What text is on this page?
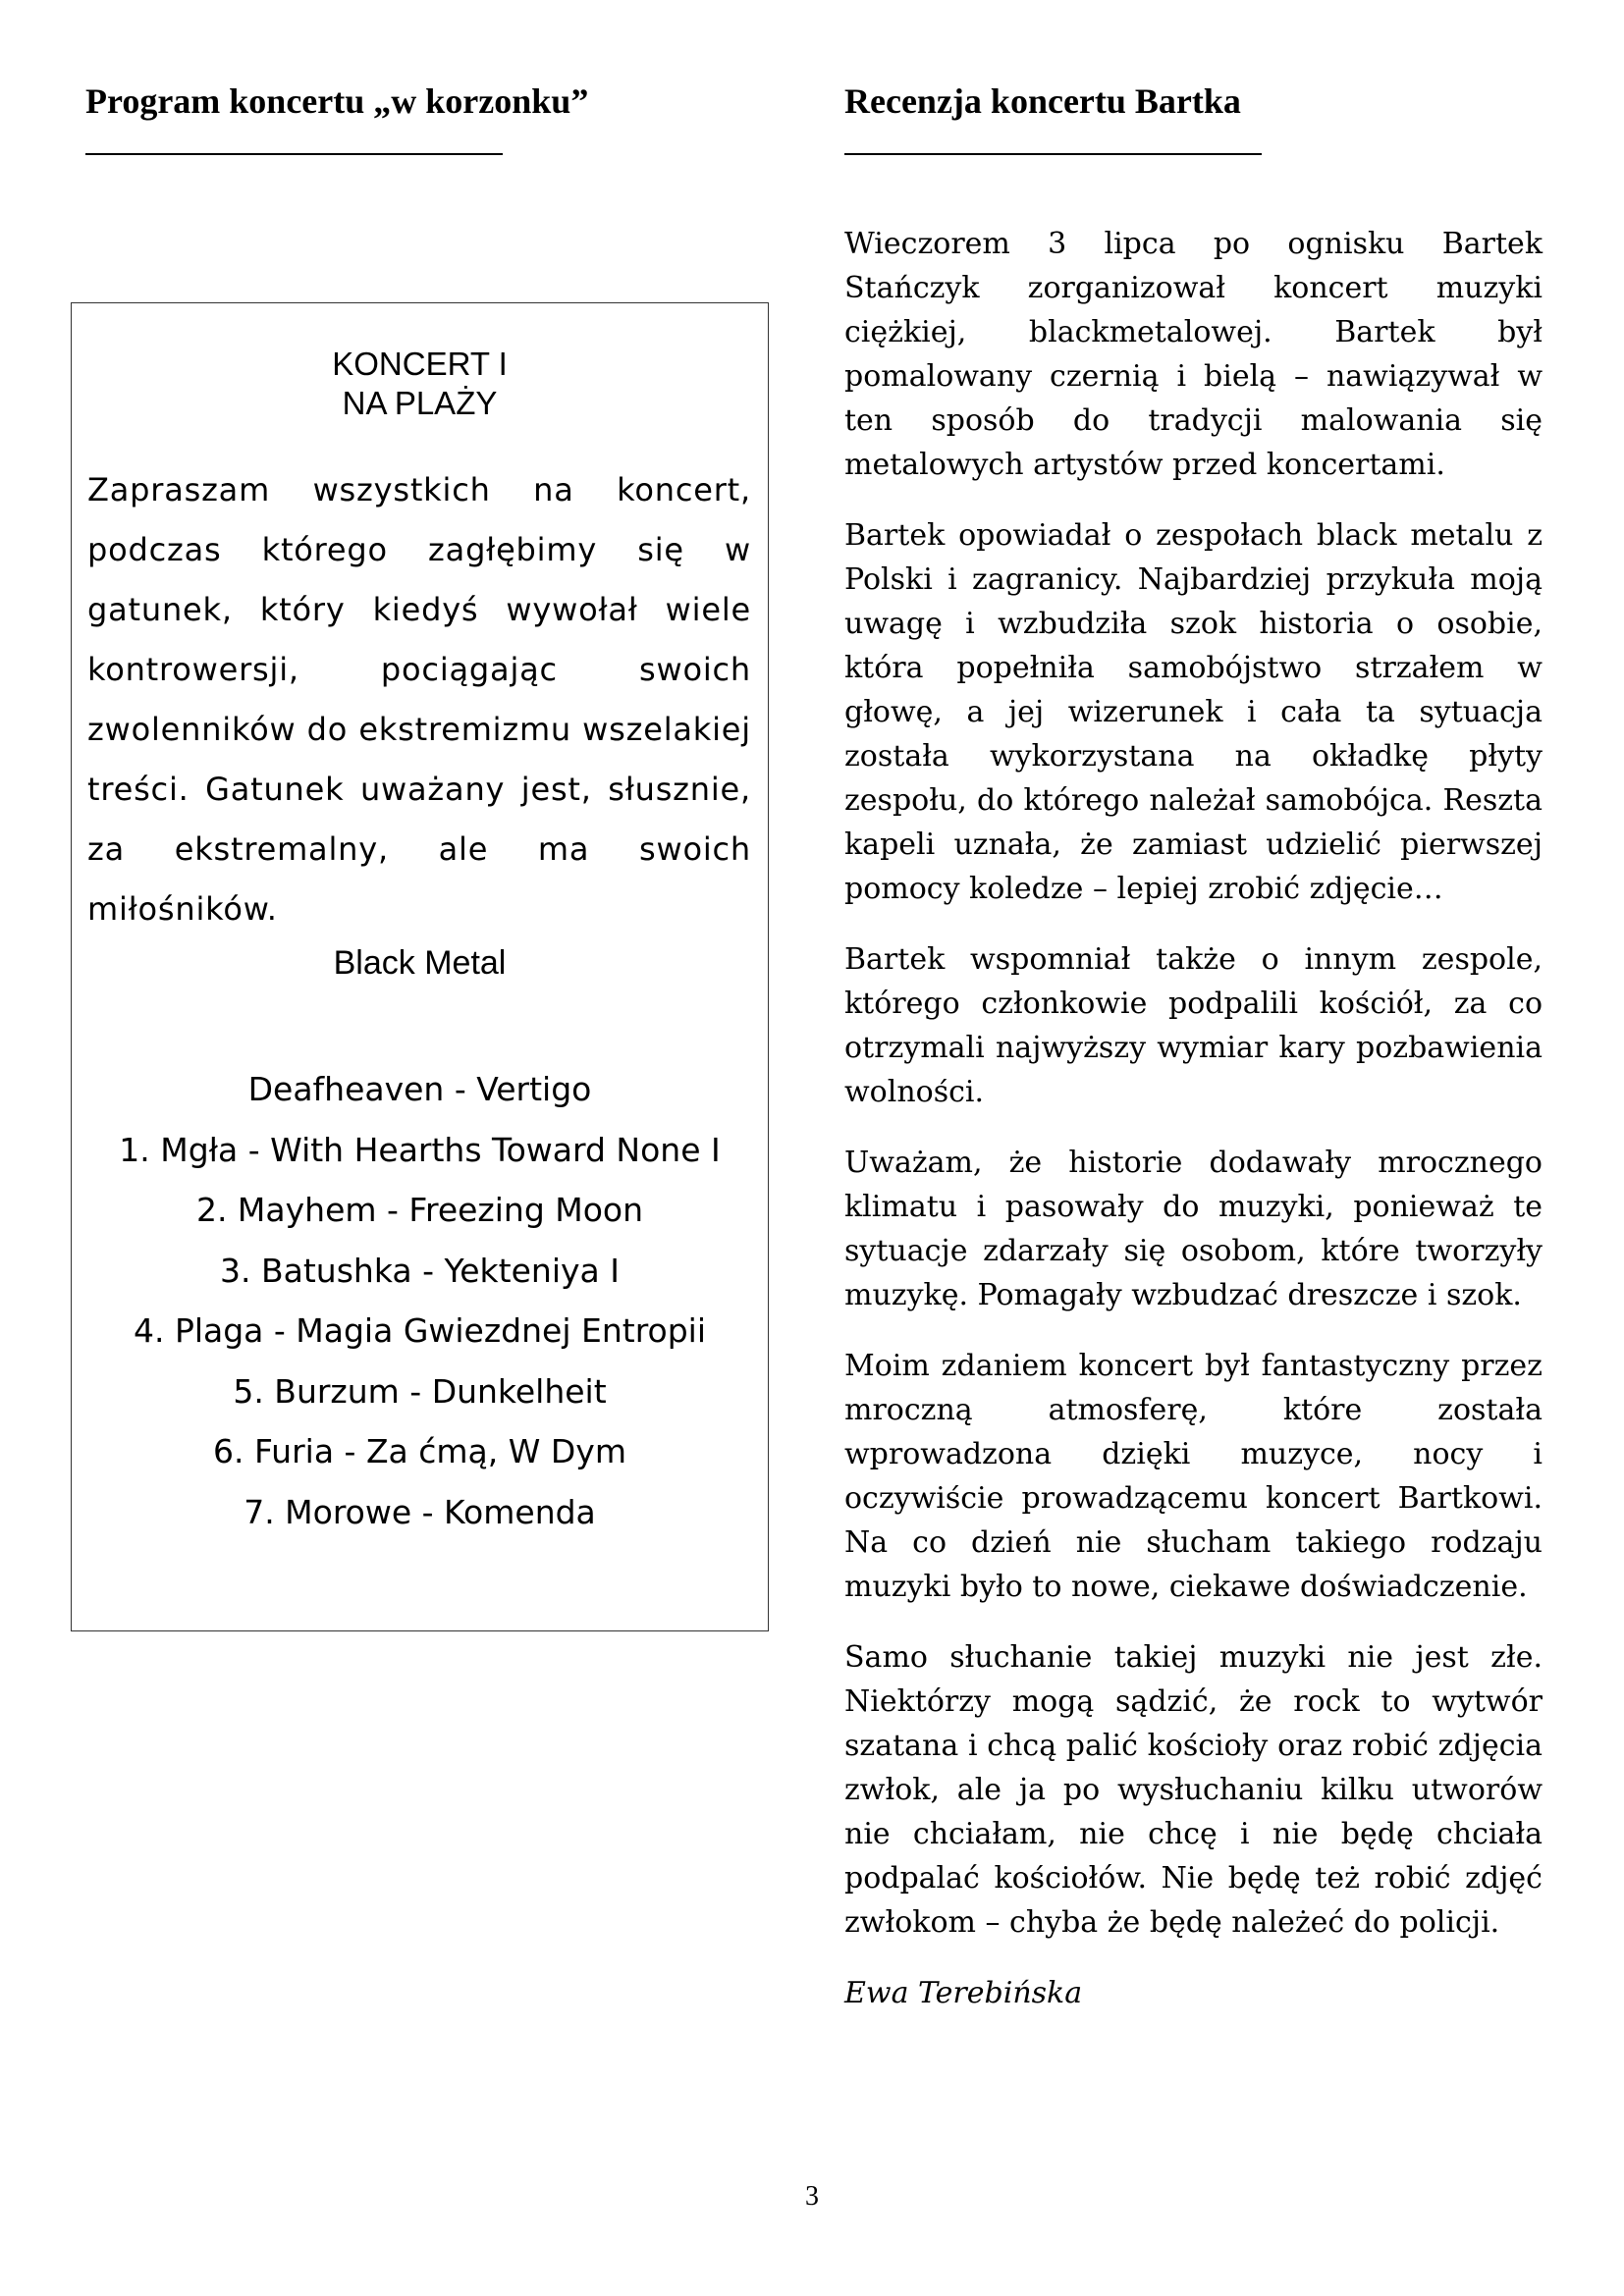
Program koncertu „w korzonku”
KONCERT I
NA PLAŻY

Zapraszam wszystkich na koncert, podczas którego zagłębimy się w gatunek, który kiedyś wywołał wiele kontrowersji, pociągając swoich zwolenników do ekstremizmu wszelakiej treści. Gatunek uważany jest, słusznie, za ekstremalny, ale ma swoich miłośników.

Black Metal
Deafheaven - Vertigo
1. Mgła - With Hearths Toward None I
2. Mayhem - Freezing Moon
3. Batushka - Yekteniya I
4. Plaga - Magia Gwiezdnej Entropii
5. Burzum - Dunkelheit
6. Furia - Za ćmą, W Dym
7. Morowe - Komenda
Recenzja koncertu Bartka

Wieczorem 3 lipca po ognisku Bartek Stańczyk zorganizował koncert muzyki ciężkiej, blackmetalowej. Bartek był pomalowany czernią i bielą – nawiązywał w ten sposób do tradycji malowania się metalowych artystów przed koncertami.

Bartek opowiadał o zespołach black metalu z Polski i zagranicy. Najbardziej przykuła moją uwagę i wzbudziła szok historia o osobie, która popełniła samobójstwo strzałem w głowę, a jej wizerunek i cała ta sytuacja została wykorzystana na okładkę płyty zespołu, do którego należał samobójca. Reszta kapeli uznała, że zamiast udzielić pierwszej pomocy koledze – lepiej zrobić zdjęcie…

Bartek wspomniał także o innym zespole, którego członkowie podpalili kościół, za co otrzymali najwyższy wymiar kary pozbawienia wolności.

Uważam, że historie dodawały mrocznego klimatu i pasowały do muzyki, ponieważ te sytuacje zdarzały się osobom, które tworzyły muzykę. Pomagały wzbudzać dreszcze i szok.

Moim zdaniem koncert był fantastyczny przez mroczną atmosferę, które została wprowadzona dzięki muzyce, nocy i oczywiście prowadzącemu koncert Bartkowi. Na co dzień nie słucham takiego rodzaju muzyki było to nowe, ciekawe doświadczenie.

Samo słuchanie takiej muzyki nie jest złe. Niektórzy mogą sądzić, że rock to wytwór szatana i chcą palić kościoły oraz robić zdjęcia zwłok, ale ja po wysłuchaniu kilku utworów nie chciałam, nie chcę i nie będę chciała podpalać kościołów. Nie będę też robić zdjęć zwłokom – chyba że będę należeć do policji.

Ewa Terebińska

3
